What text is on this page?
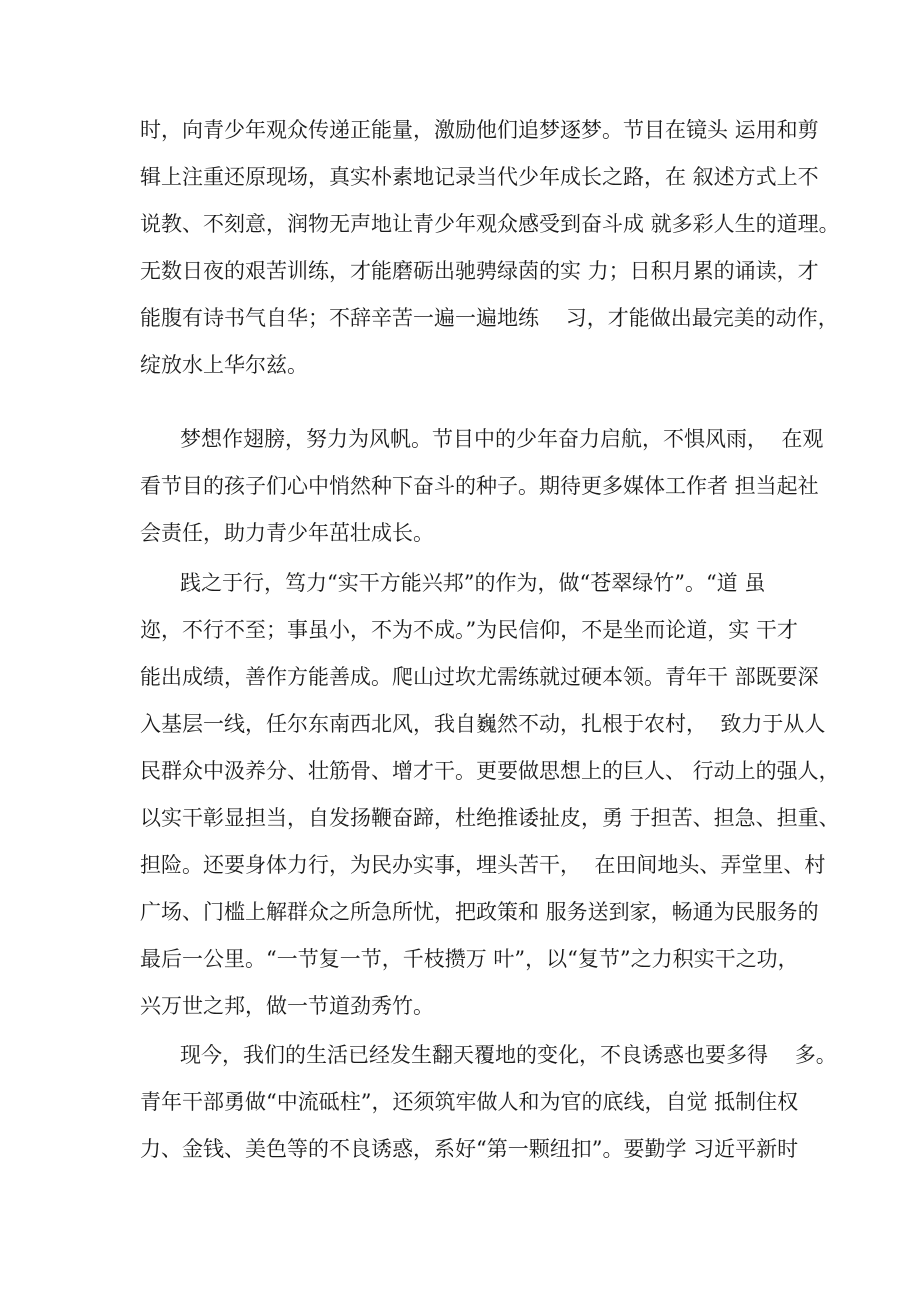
时，向青少年观众传递正能量，激励他们追梦逐梦。节目在镜头 运用和剪
辑上注重还原现场，真实朴素地记录当代少年成长之路，在 叙述方式上不
说教、不刻意，润物无声地让青少年观众感受到奋斗成 就多彩人生的道理。
无数日夜的艰苦训练，才能磨砺出驰骋绿茵的实 力；日积月累的诵读，才
能腹有诗书气自华；不辞辛苦一遍一遍地练    习，才能做出最完美的动作，
绽放水上华尔兹。
梦想作翅膀，努力为风帆。节目中的少年奋力启航，不惧风雨，  在观
看节目的孩子们心中悄然种下奋斗的种子。期待更多媒体工作者 担当起社
会责任，助力青少年茁壮成长。
践之于行，笃力“实干方能兴邦”的作为，做“苍翠绿竹”。“道 虽
迩，不行不至；事虽小，不为不成。”为民信仰，不是坐而论道，实 干才
能出成绩，善作方能善成。爬山过坎尤需练就过硬本领。青年干 部既要深
入基层一线，任尔东南西北风，我自巍然不动，扎根于农村，  致力于从人
民群众中汲养分、壮筋骨、增才干。更要做思想上的巨人、 行动上的强人，
以实干彰显担当，自发扬鞭奋蹄，杜绝推诿扯皮，勇 于担苦、担急、担重、
担险。还要身体力行，为民办实事，埋头苦干，  在田间地头、弄堂里、村
广场、门槛上解群众之所急所忧，把政策和 服务送到家，畅通为民服务的
最后一公里。“一节复一节，千枝攒万 叶”，以“复节”之力积实干之功，
兴万世之邦，做一节道劲秀竹。
现今，我们的生活已经发生翻天覆地的变化，不良诱惑也要多得    多。
青年干部勇做“中流砥柱”，还须筑牢做人和为官的底线，自觉 抵制住权
力、金钱、美色等的不良诱惑，系好“第一颗纽扣”。要勤学 习近平新时
